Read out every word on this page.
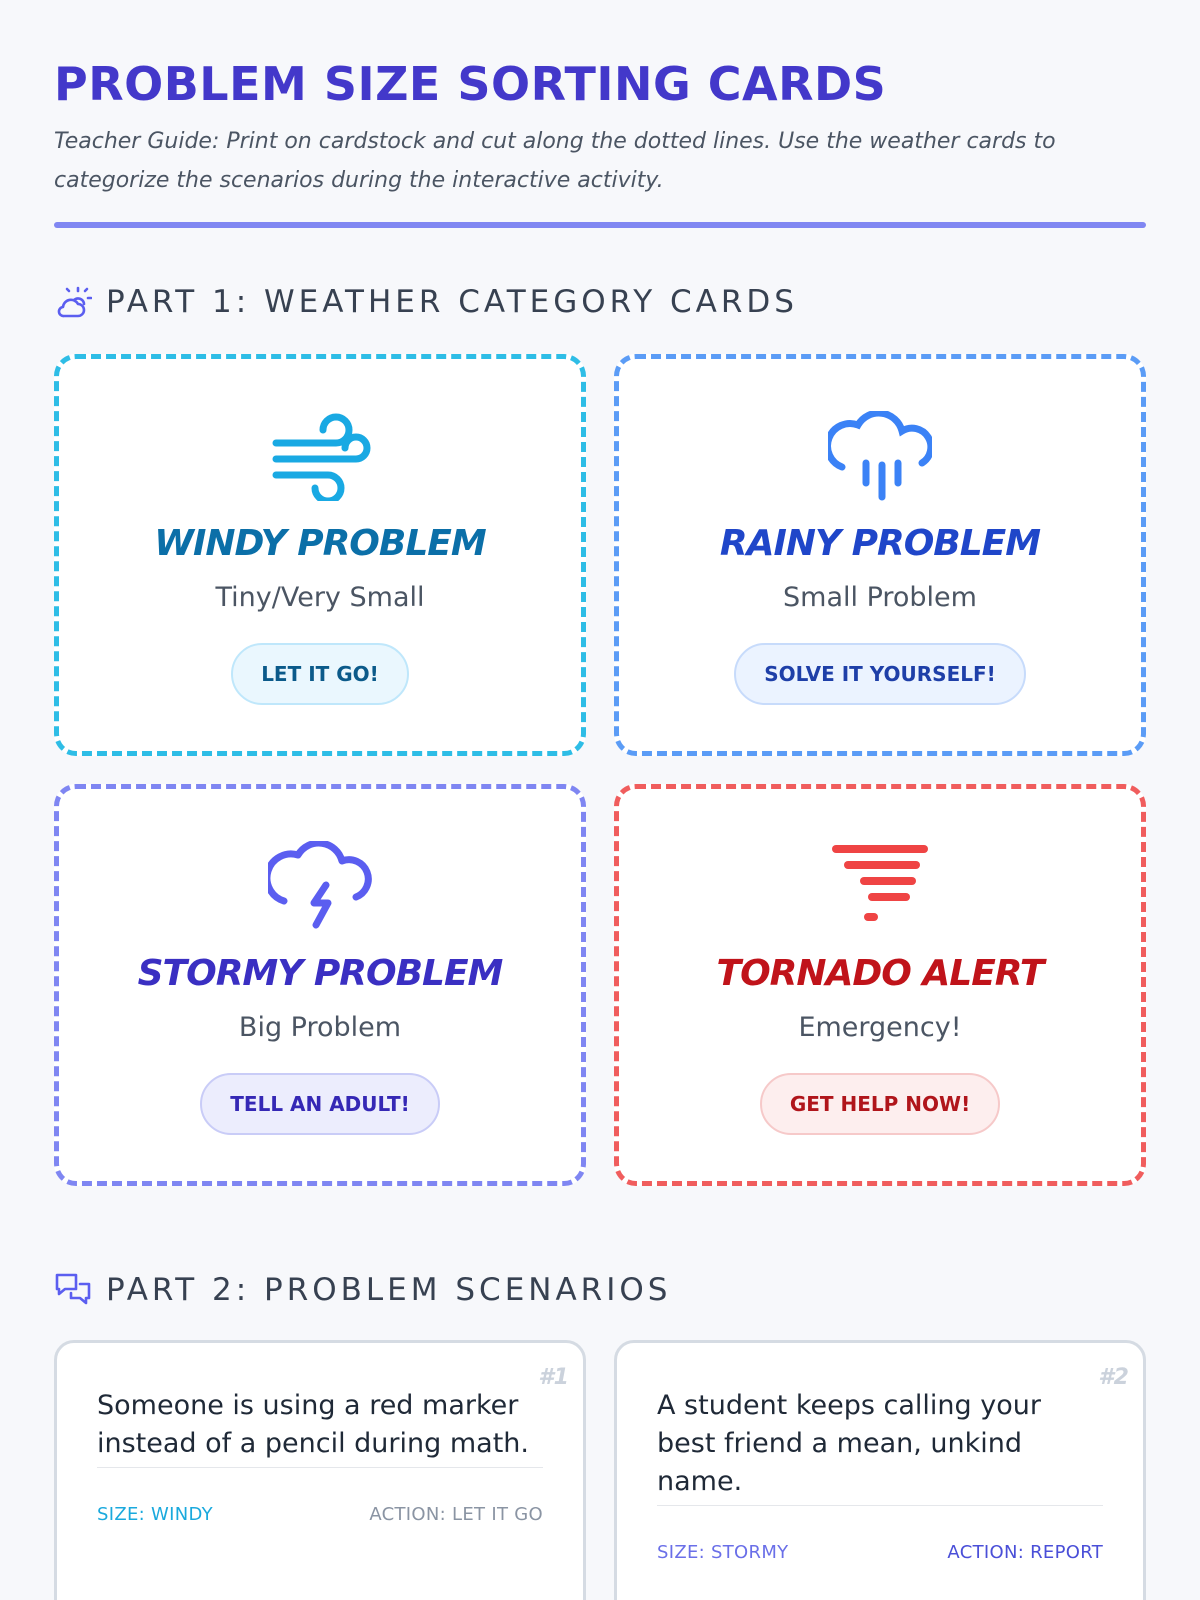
PROBLEM SIZE SORTING CARDS

Teacher Guide: Print on cardstock and cut along the dotted lines. Use the weather cards to categorize the scenarios during the interactive activity.

PART 1: WEATHER CATEGORY CARDS
PART 2: PROBLEM SCENARIOS
WINDY PROBLEM
Tiny/Very Small
LET IT GO!
RAINY PROBLEM
Small Problem
SOLVE IT YOURSELF!
STORMY PROBLEM
Big Problem
TELL AN ADULT!
TORNADO ALERT
Emergency!
GET HELP NOW!
#1
Someone is using a red marker instead of a pencil during math.
SIZE: WINDY	ACTION: LET IT GO
#2
A student keeps calling your best friend a mean, unkind name.
SIZE: STORMY	ACTION: REPORT
